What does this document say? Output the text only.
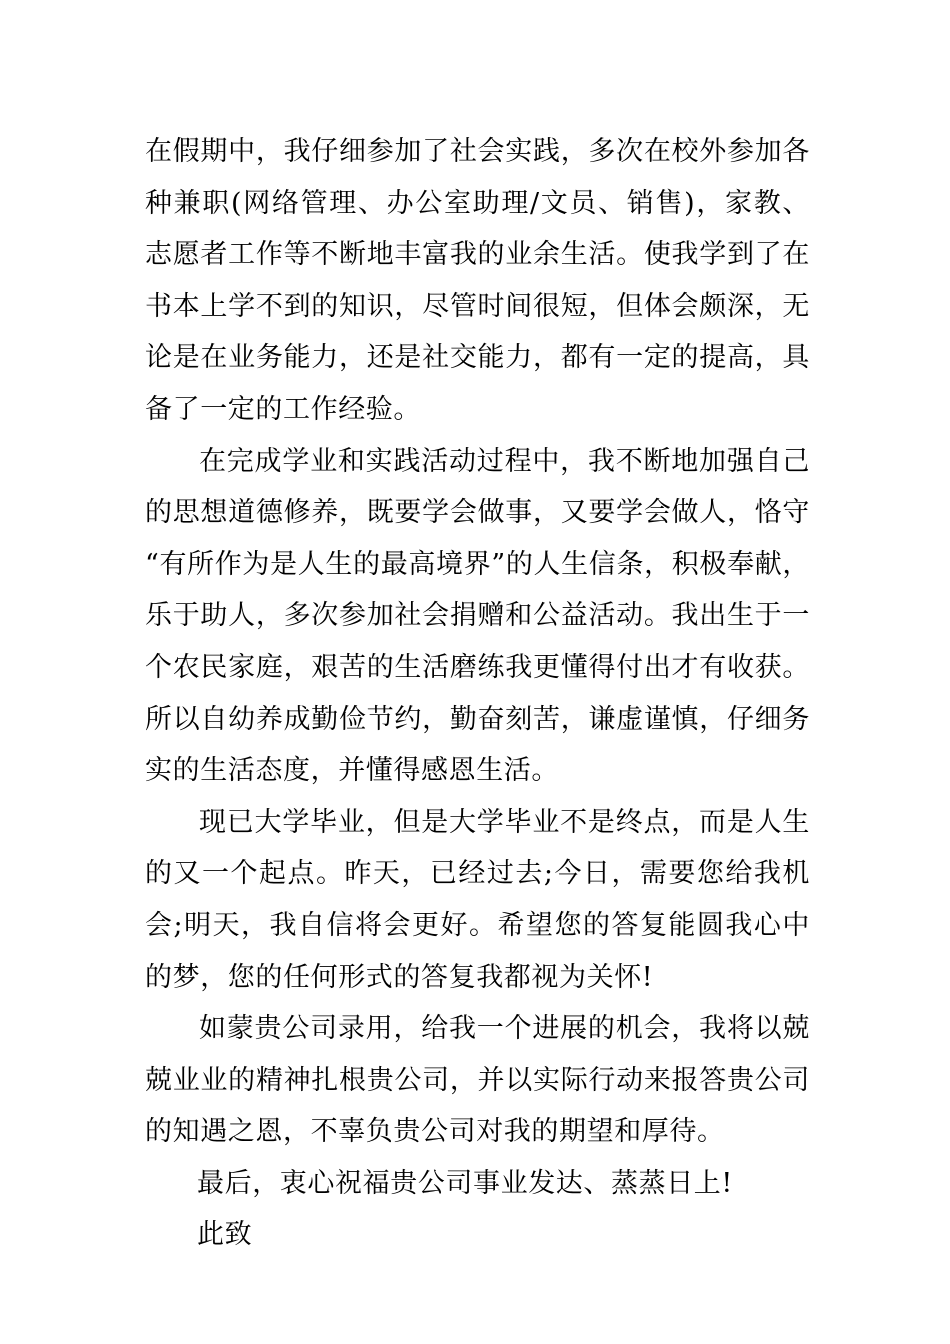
在假期中，我仔细参加了社会实践，多次在校外参加各种兼职(网络管理、办公室助理/文员、销售)，家教、志愿者工作等不断地丰富我的业余生活。使我学到了在书本上学不到的知识，尽管时间很短，但体会颇深，无论是在业务能力，还是社交能力，都有一定的提高，具备了一定的工作经验。

在完成学业和实践活动过程中，我不断地加强自己的思想道德修养，既要学会做事，又要学会做人，恪守“有所作为是人生的最高境界”的人生信条，积极奉献，乐于助人，多次参加社会捐赠和公益活动。我出生于一个农民家庭，艰苦的生活磨练我更懂得付出才有收获。所以自幼养成勤俭节约，勤奋刻苦，谦虚谨慎，仔细务实的生活态度，并懂得感恩生活。

现已大学毕业，但是大学毕业不是终点，而是人生的又一个起点。昨天，已经过去;今日，需要您给我机会;明天，我自信将会更好。希望您的答复能圆我心中的梦，您的任何形式的答复我都视为关怀!

如蒙贵公司录用，给我一个进展的机会，我将以兢兢业业的精神扎根贵公司，并以实际行动来报答贵公司的知遇之恩，不辜负贵公司对我的期望和厚待。

最后，衷心祝福贵公司事业发达、蒸蒸日上!

此致
